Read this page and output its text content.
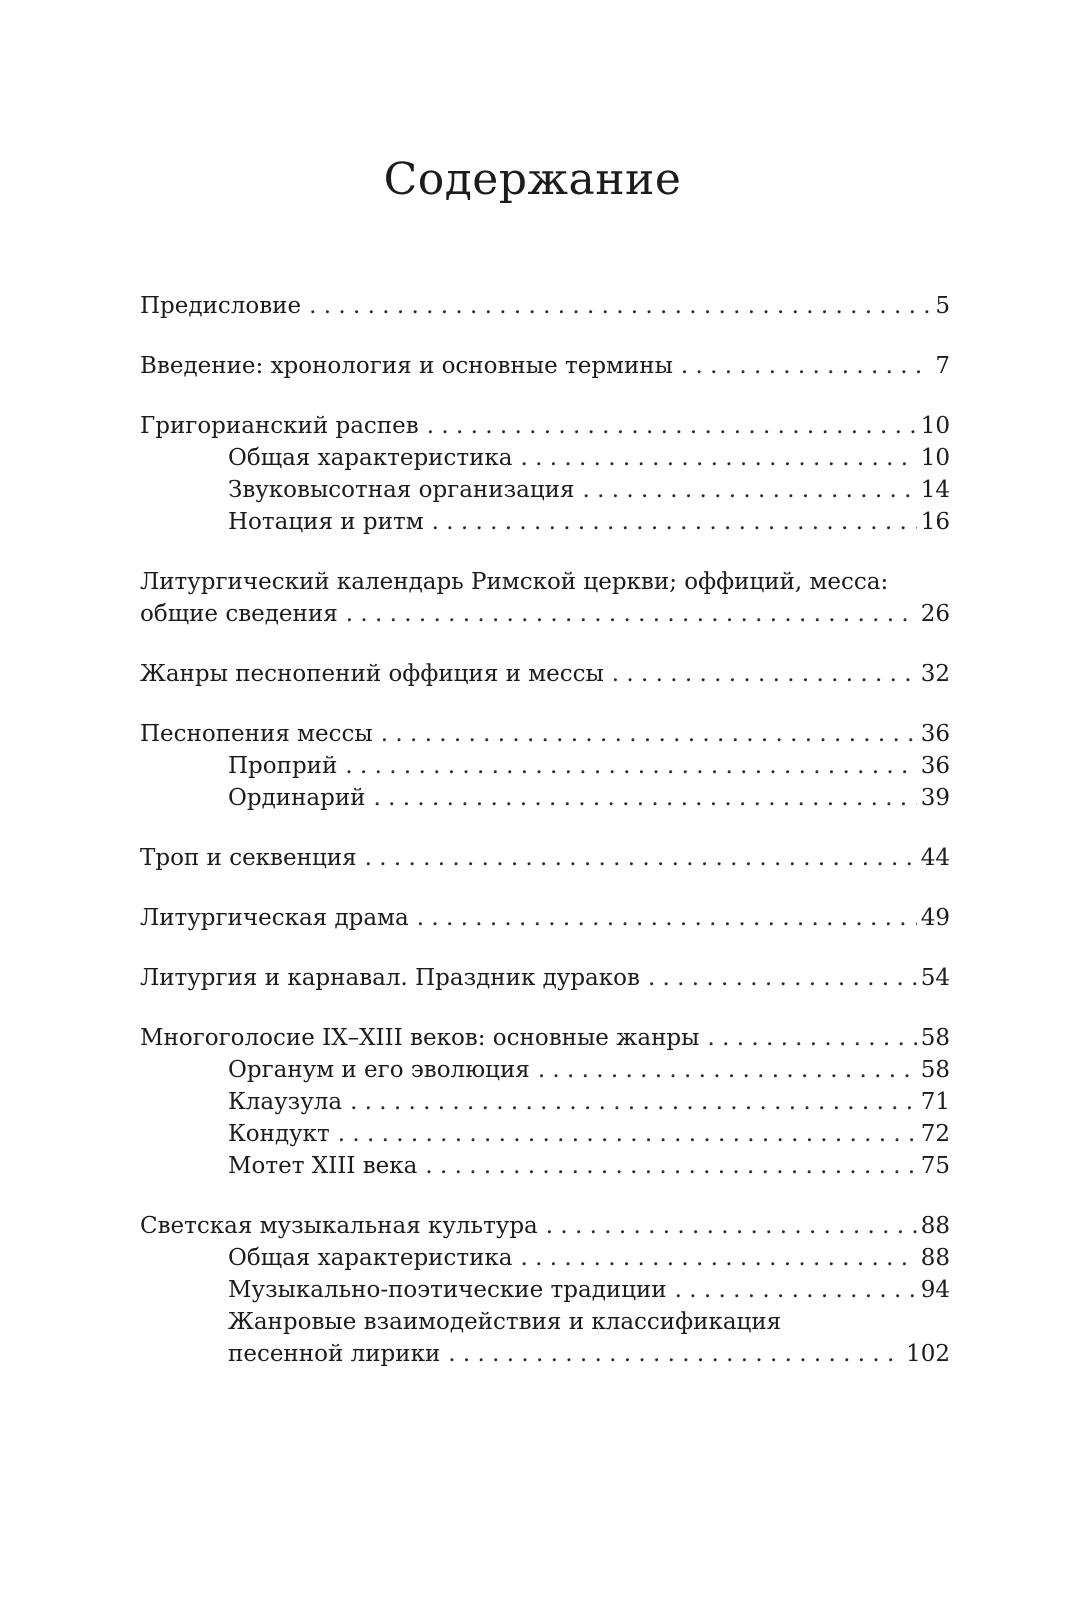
Содержание
Предисловие . . .	5
Введение: хронология и основные термины . . .	7
Григорианский распев . . .	10
Общая характеристика . . .	10
Звуковысотная организация . . .	14
Нотация и ритм . . .	16
Литургический календарь Римской церкви; оффиций, месса:
общие сведения . . .	26
Жанры песнопений оффиция и мессы . . .	32
Песнопения мессы . . .	36
Проприй . . .	36
Ординарий . . .	39
Троп и секвенция . . .	44
Литургическая драма . . .	49
Литургия и карнавал. Праздник дураков . . .	54
Многоголосие IX–XIII веков: основные жанры . . .	58
Органум и его эволюция . . .	58
Клаузула . . .	71
Кондукт . . .	72
Мотет XIII века . . .	75
Светская музыкальная культура . . .	88
Общая характеристика . . .	88
Музыкально-поэтические традиции . . .	94
Жанровые взаимодействия и классификация
песенной лирики . . .	102
